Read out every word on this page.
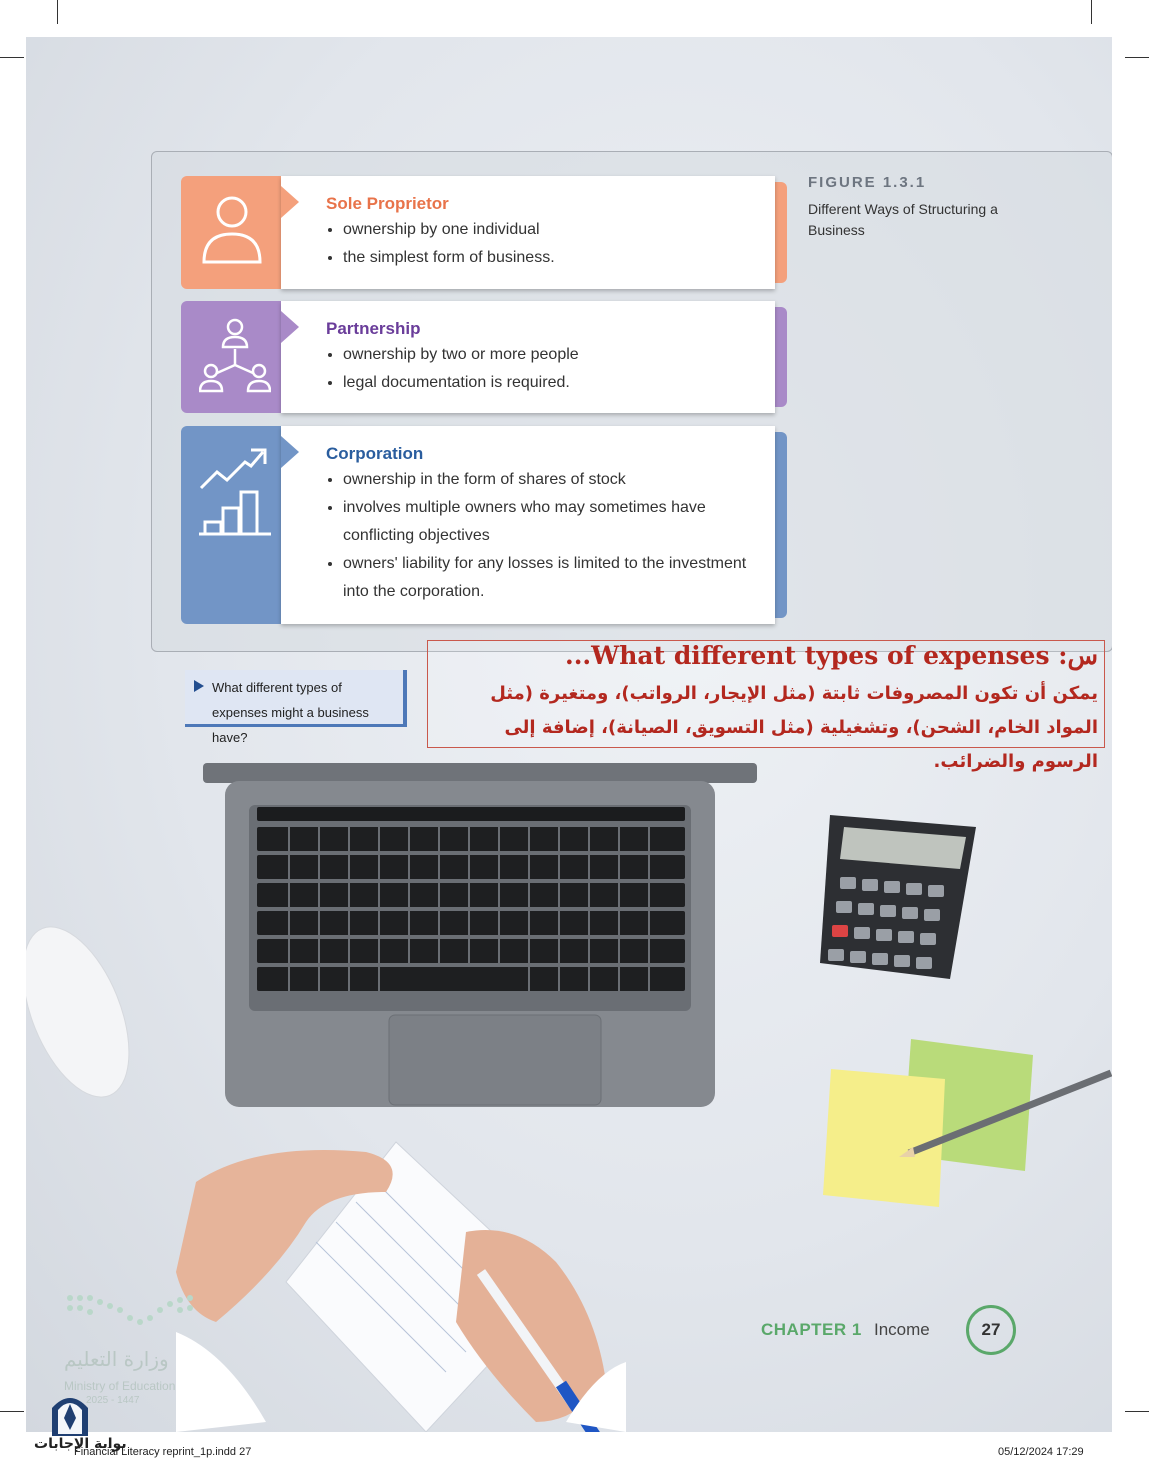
Sole Proprietor
• ownership by one individual
• the simplest form of business.
Partnership
• ownership by two or more people
• legal documentation is required.
Corporation
• ownership in the form of shares of stock
• involves multiple owners who may sometimes have conflicting objectives
• owners' liability for any losses is limited to the investment into the corporation.
FIGURE 1.3.1
Different Ways of Structuring a Business
What different types of expenses might a business have?
س: What different types of expenses...
يمكن أن تكون المصروفات ثابتة (مثل الإيجار، الرواتب)، ومتغيرة (مثل المواد الخام، الشحن)، وتشغيلية (مثل التسويق، الصيانة)، إضافة إلى الرسوم والضرائب.
CHAPTER 1 Income	27
وزارة التعليم
Ministry of Education
2025 - 1447
بوابة الإجابات
Financial Literacy reprint_1p.indd 27	05/12/2024 17:29
